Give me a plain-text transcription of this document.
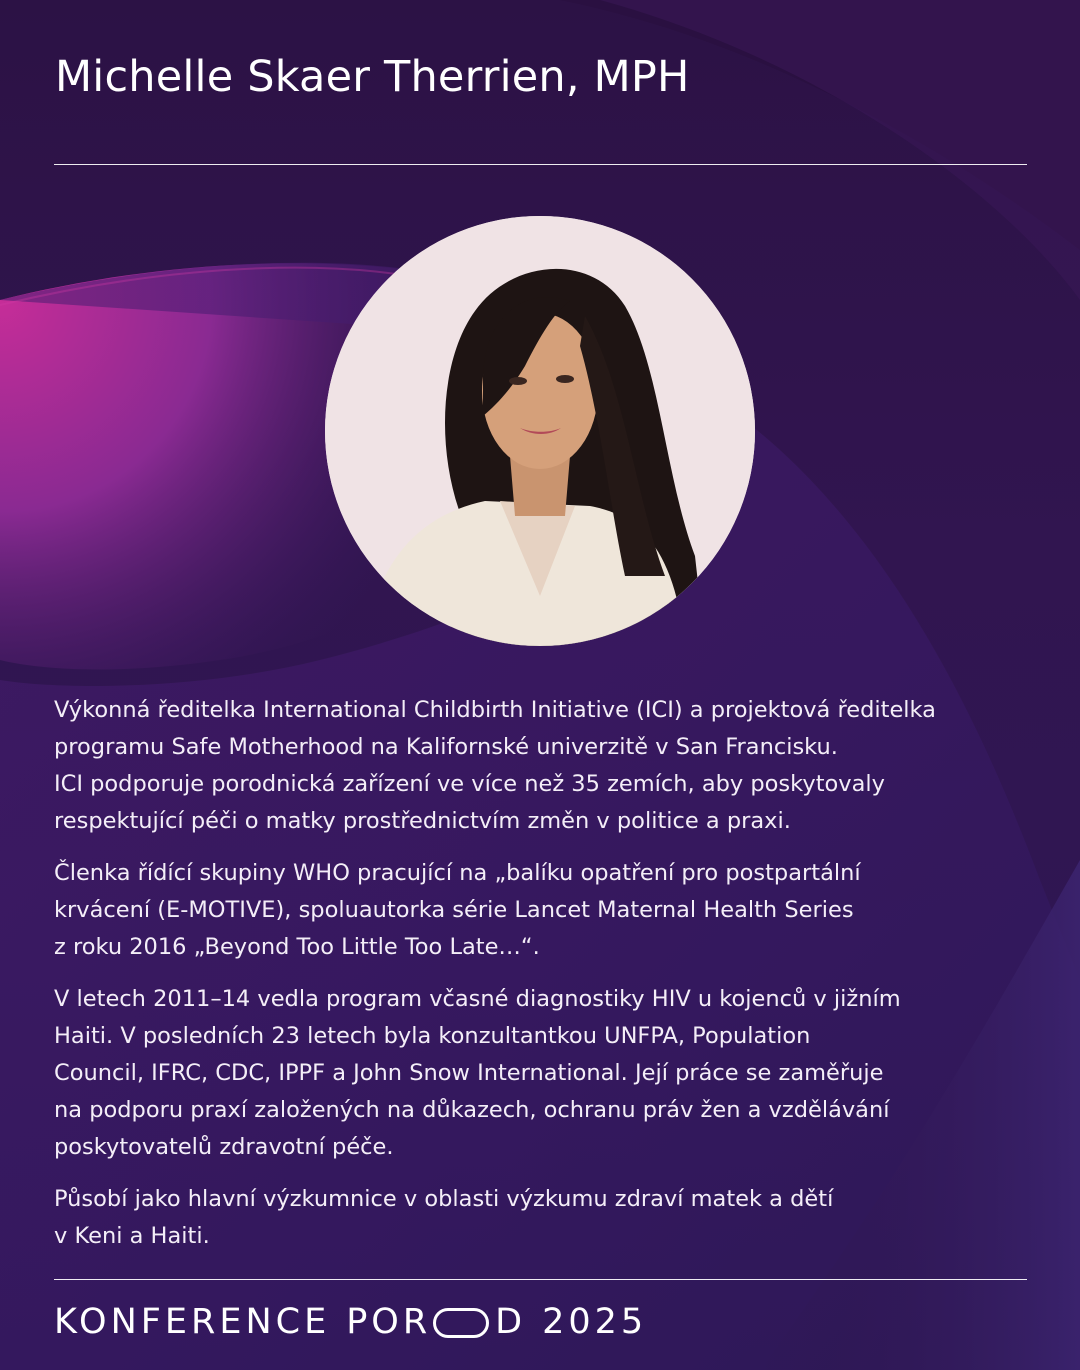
Michelle Skaer Therrien, MPH

Výkonná ředitelka International Childbirth Initiative (ICI) a projektová ředitelka
programu Safe Motherhood na Kalifornské univerzitě v San Francisku.
ICI podporuje porodnická zařízení ve více než 35 zemích, aby poskytovaly
respektující péči o matky prostřednictvím změn v politice a praxi.

Členka řídící skupiny WHO pracující na „balíku opatření pro postpartální
krvácení (E-MOTIVE), spoluautorka série Lancet Maternal Health Series
z roku 2016 „Beyond Too Little Too Late…“.

V letech 2011–14 vedla program včasné diagnostiky HIV u kojenců v jižním
Haiti. V posledních 23 letech byla konzultantkou UNFPA, Population
Council, IFRC, CDC, IPPF a John Snow International. Její práce se zaměřuje
na podporu praxí založených na důkazech, ochranu práv žen a vzdělávání
poskytovatelů zdravotní péče.

Působí jako hlavní výzkumnice v oblasti výzkumu zdraví matek a dětí
v Keni a Haiti.

KONFERENCE POR D 2025
